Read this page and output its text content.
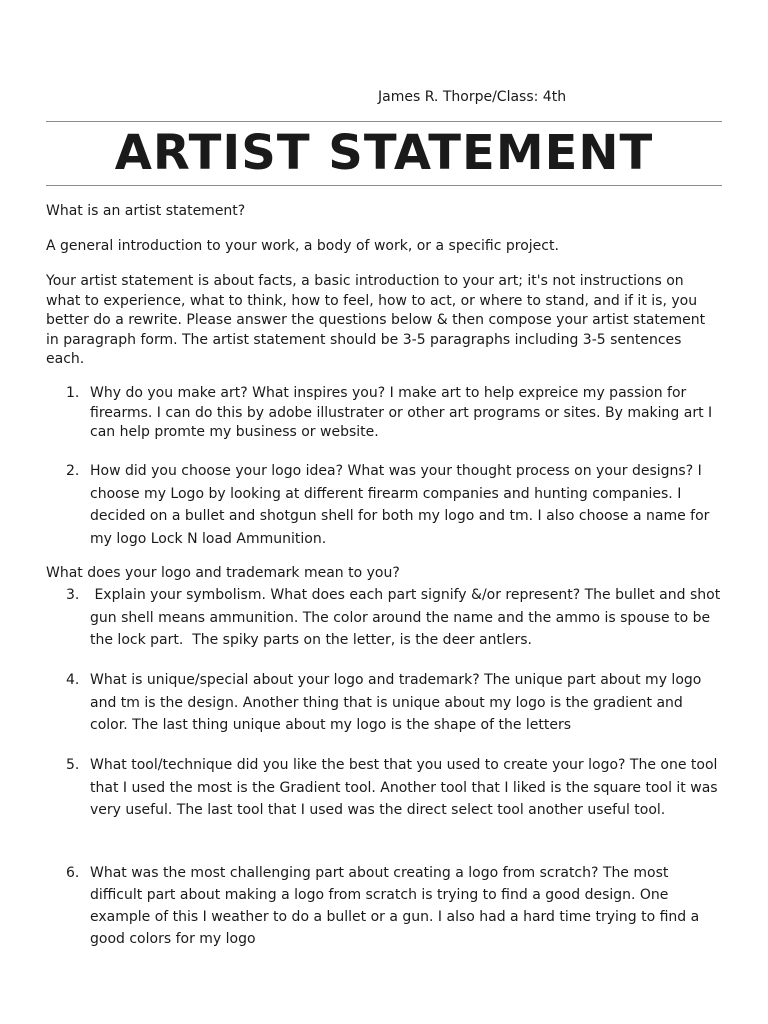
James R. Thorpe/Class: 4th
ARTIST STATEMENT

What is an artist statement?

A general introduction to your work, a body of work, or a specific project.

Your artist statement is about facts, a basic introduction to your art; it's not instructions on what to experience, what to think, how to feel, how to act, or where to stand, and if it is, you better do a rewrite. Please answer the questions below & then compose your artist statement in paragraph form. The artist statement should be 3-5 paragraphs including 3-5 sentences each.

1. Why do you make art? What inspires you? I make art to help expreice my passion for firearms. I can do this by adobe illustrater or other art programs or sites. By making art I can help promte my business or website.
2. How did you choose your logo idea? What was your thought process on your designs? I choose my Logo by looking at different firearm companies and hunting companies. I decided on a bullet and shotgun shell for both my logo and tm. I also choose a name for my logo Lock N load Ammunition.

What does your logo and trademark mean to you?

3. Explain your symbolism. What does each part signify &/or represent? The bullet and shot gun shell means ammunition. The color around the name and the ammo is spouse to be the lock part.  The spiky parts on the letter, is the deer antlers.
4. What is unique/special about your logo and trademark? The unique part about my logo and tm is the design. Another thing that is unique about my logo is the gradient and color. The last thing unique about my logo is the shape of the letters
5. What tool/technique did you like the best that you used to create your logo? The one tool that I used the most is the Gradient tool. Another tool that I liked is the square tool it was very useful. The last tool that I used was the direct select tool another useful tool.
6. What was the most challenging part about creating a logo from scratch? The most difficult part about making a logo from scratch is trying to find a good design. One example of this I weather to do a bullet or a gun. I also had a hard time trying to find a good colors for my logo
